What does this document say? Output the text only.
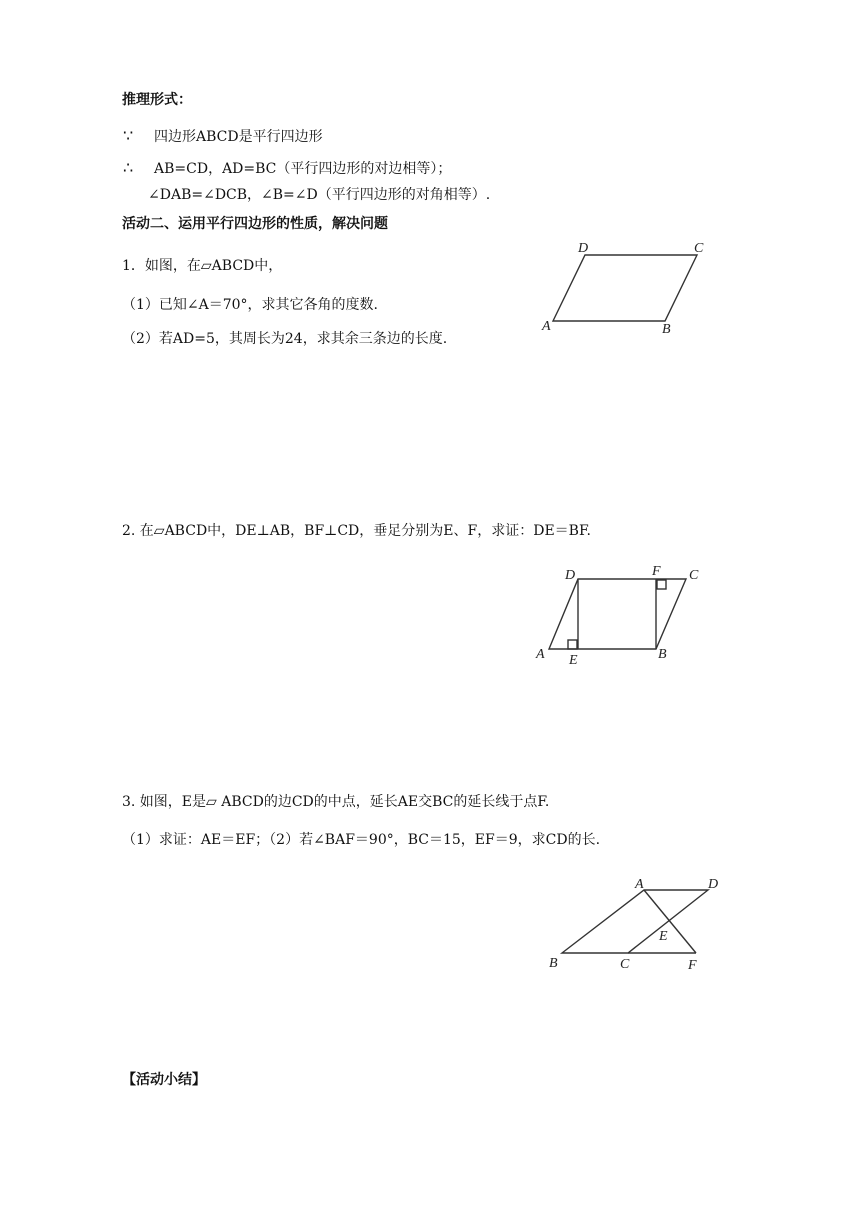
推理形式：
∵ 四边形ABCD是平行四边形
∴ AB=CD，AD=BC（平行四边形的对边相等）；
∠DAB=∠DCB，∠B=∠D（平行四边形的对角相等）.
活动二、运用平行四边形的性质，解决问题
1．如图，在▱ABCD中，
（1）已知∠A＝70°，求其它各角的度数.
（2）若AD=5，其周长为24，求其余三条边的长度.
D	C
A	B
2. 在▱ABCD中，DE⊥AB，BF⊥CD，垂足分别为E、F，求证：DE＝BF.
D	F C
A E	B
3. 如图，E是▱ ABCD的边CD的中点，延长AE交BC的延长线于点F.
（1）求证：AE＝EF；（2）若∠BAF＝90°，BC＝15，EF＝9，求CD的长.
A	D
E
B	C	F
【活动小结】
